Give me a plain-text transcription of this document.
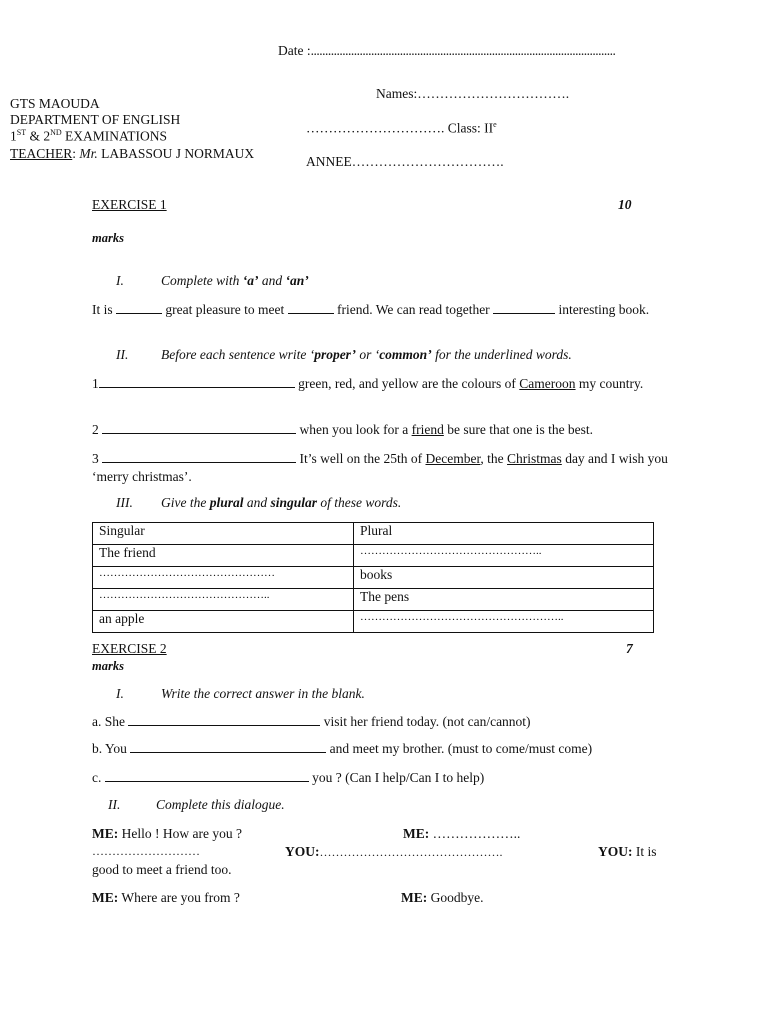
Date :..........................................................................................................
GTS MAOUDA
DEPARTMENT OF ENGLISH
1ST & 2ND EXAMINATIONS
TEACHER: Mr. LABASSOU J NORMAUX
Names:…………………………….
…………………………. Class: IIe
ANNEE…………………………….
EXERCISE 1	10
marks
I.	Complete with ‘a’ and ‘an’
It is	great pleasure to meet	friend. We can read together	interesting book.
II. Before each sentence write ‘proper’ or ‘common’ for the underlined words.
1	green, red, and yellow are the colours of Cameroon my country.
2	when you look for a friend be sure that one is the best.
3	It’s well on the 25th of December, the Christmas day and I wish you ‘merry christmas’.
III. Give the plural and singular of these words.
Singular	Plural
The friend	…………………………………………..
…………………………………………	books
………………………………………..	The pens
an apple	………………………………………………..
EXERCISE 2	7
marks
I.	Write the correct answer in the blank.
a. She	visit her friend today. (not can/cannot)
b. You	and meet my brother. (must to come/must come)
c.	you ? (Can I help/Can I to help)
II.	Complete this dialogue.
ME: Hello ! How are you ?	ME: ………………..
………………………	YOU:……………………………………….	YOU: It is
good to meet a friend too.
ME: Where are you from ?	ME: Goodbye.
